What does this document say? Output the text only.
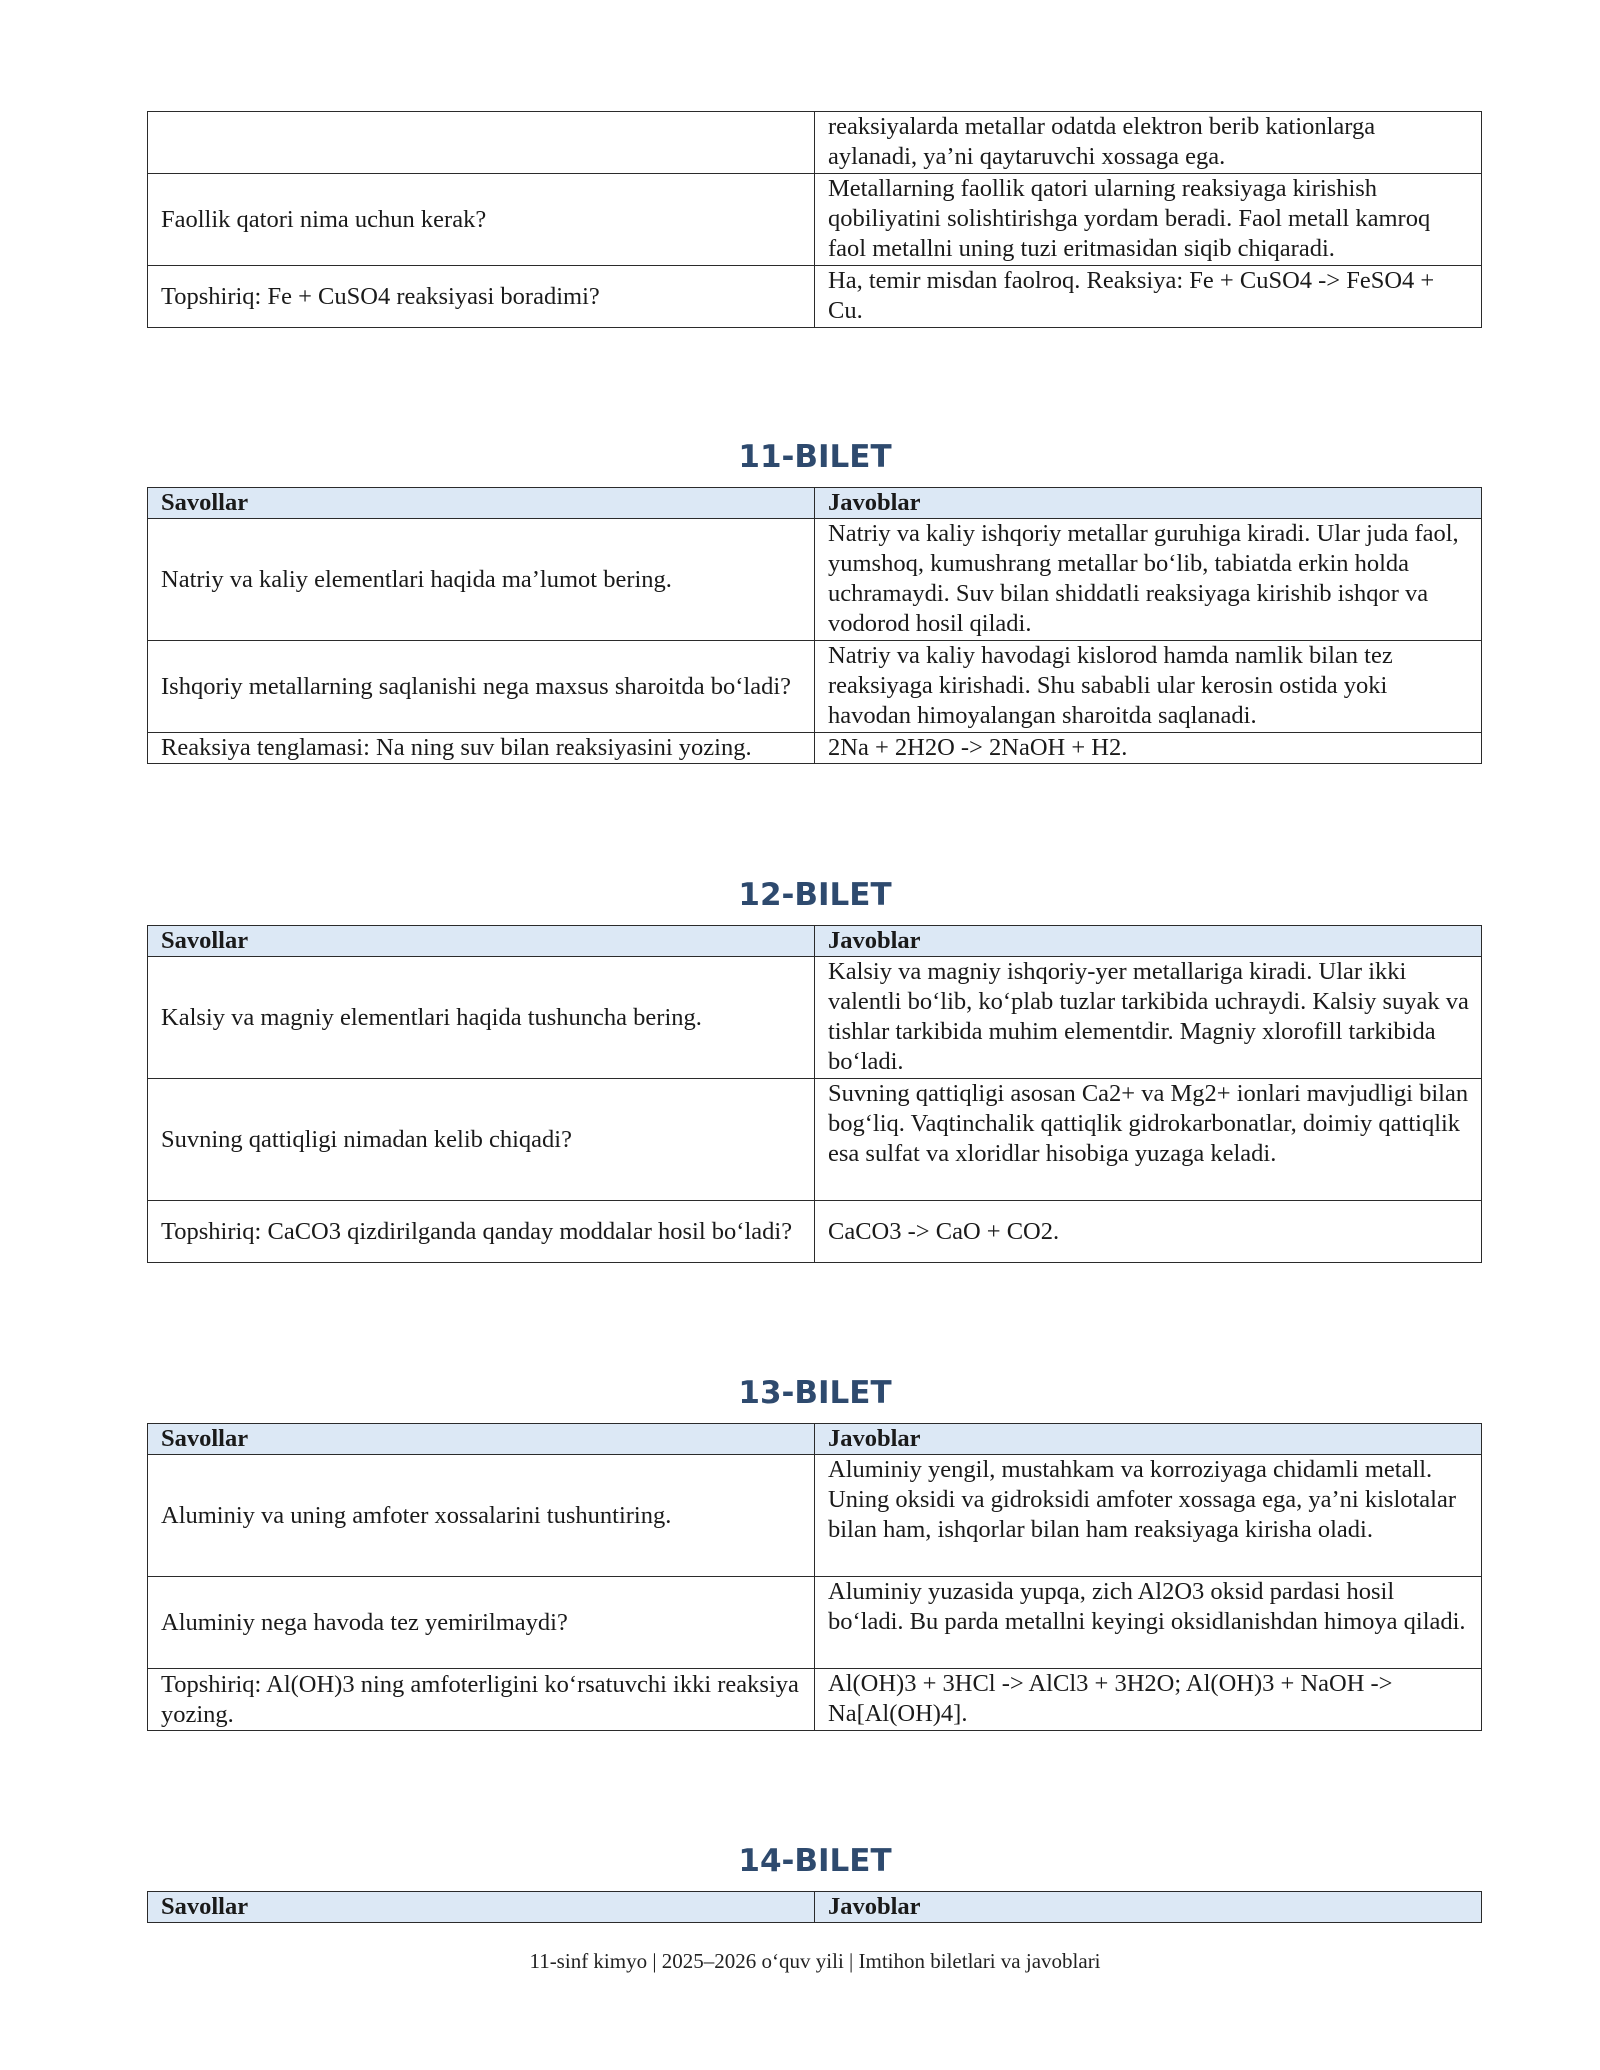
	reaksiyalarda metallar odatda elektron berib kationlarga aylanadi, ya’ni qaytaruvchi xossaga ega.
Faollik qatori nima uchun kerak?	Metallarning faollik qatori ularning reaksiyaga kirishish qobiliyatini solishtirishga yordam beradi. Faol metall kamroq faol metallni uning tuzi eritmasidan siqib chiqaradi.
Topshiriq: Fe + CuSO4 reaksiyasi boradimi?	Ha, temir misdan faolroq. Reaksiya: Fe + CuSO4 -> FeSO4 + Cu.
11-BILET
Savollar	Javoblar
Natriy va kaliy elementlari haqida ma’lumot bering.	Natriy va kaliy ishqoriy metallar guruhiga kiradi. Ular juda faol, yumshoq, kumushrang metallar bo‘lib, tabiatda erkin holda uchramaydi. Suv bilan shiddatli reaksiyaga kirishib ishqor va vodorod hosil qiladi.
Ishqoriy metallarning saqlanishi nega maxsus sharoitda bo‘ladi?	Natriy va kaliy havodagi kislorod hamda namlik bilan tez reaksiyaga kirishadi. Shu sababli ular kerosin ostida yoki havodan himoyalangan sharoitda saqlanadi.
Reaksiya tenglamasi: Na ning suv bilan reaksiyasini yozing.	2Na + 2H2O -> 2NaOH + H2.
12-BILET
Savollar	Javoblar
Kalsiy va magniy elementlari haqida tushuncha bering.	Kalsiy va magniy ishqoriy-yer metallariga kiradi. Ular ikki valentli bo‘lib, ko‘plab tuzlar tarkibida uchraydi. Kalsiy suyak va tishlar tarkibida muhim elementdir. Magniy xlorofill tarkibida bo‘ladi.
Suvning qattiqligi nimadan kelib chiqadi?	Suvning qattiqligi asosan Ca2+ va Mg2+ ionlari mavjudligi bilan bog‘liq. Vaqtinchalik qattiqlik gidrokarbonatlar, doimiy qattiqlik esa sulfat va xloridlar hisobiga yuzaga keladi.
Topshiriq: CaCO3 qizdirilganda qanday moddalar hosil bo‘ladi?	CaCO3 -> CaO + CO2.
13-BILET
Savollar	Javoblar
Aluminiy va uning amfoter xossalarini tushuntiring.	Aluminiy yengil, mustahkam va korroziyaga chidamli metall. Uning oksidi va gidroksidi amfoter xossaga ega, ya’ni kislotalar bilan ham, ishqorlar bilan ham reaksiyaga kirisha oladi.
Aluminiy nega havoda tez yemirilmaydi?	Aluminiy yuzasida yupqa, zich Al2O3 oksid pardasi hosil bo‘ladi. Bu parda metallni keyingi oksidlanishdan himoya qiladi.
Topshiriq: Al(OH)3 ning amfoterligini ko‘rsatuvchi ikki reaksiya yozing.	Al(OH)3 + 3HCl -> AlCl3 + 3H2O; Al(OH)3 + NaOH -> Na[Al(OH)4].
14-BILET
Savollar	Javoblar
11-sinf kimyo | 2025–2026 o‘quv yili | Imtihon biletlari va javoblari
